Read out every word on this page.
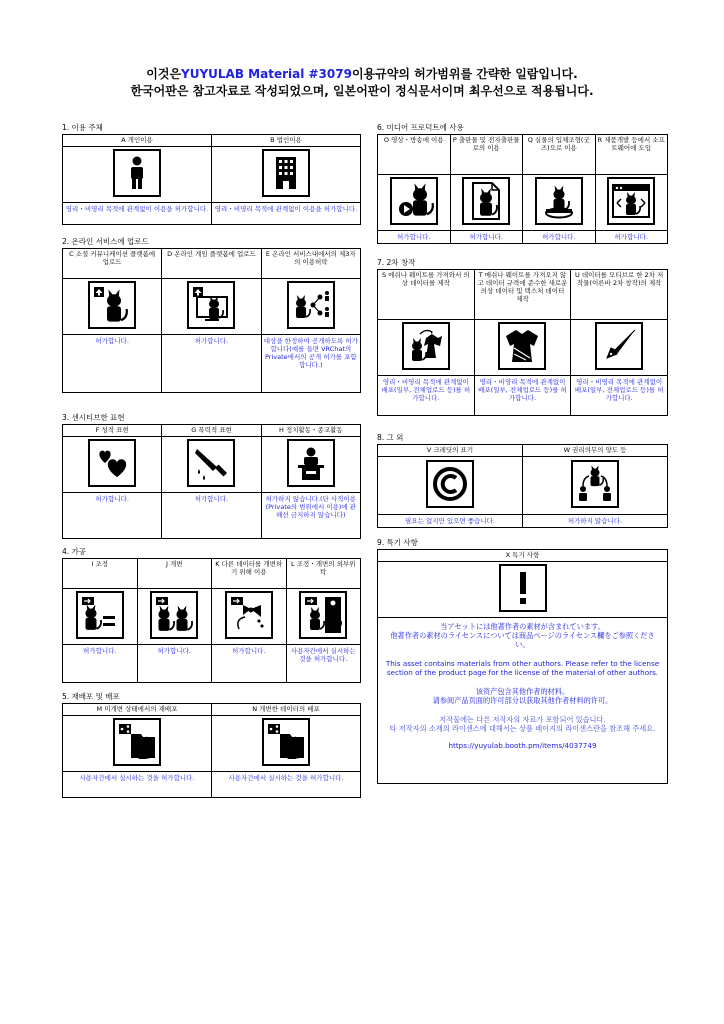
이것은YUYULAB Material #3079이용규약의 허가범위를 간략한 일람입니다.
한국어판은 참고자료로 작성되었으며, 일본어판이 정식문서이며 최우선으로 적용됩니다.
1. 이용 주체
A 개인이용	B 법인이용

영리・비영리 목적에 관계없이 이용을 허가합니다.	영리・비영리 목적에 관계없이 이용을 허가합니다.
2. 온라인 서비스에 업로드
C 소셜 커뮤니케이션 플랫폼에 업로드	D 온라인 게임 플랫폼에 업로드	E 온라인 서비스내에서의 제3자의 이용허락

허가합니다.	허가합니다.	대상을 한정하여 공개하도록 허가합니다(예를 들면 VRChat의 Private에서의 공개 허가를 포함합니다.)
3. 센시티브한 표현
F 성적 표현	G 폭력적 표현	H 정치활동・종교활동

허가합니다.	허가합니다.	허가하지 않습니다.(단 사적이용(Private의 범위에서 이용)에 관해선 금지하지 않습니다)
4. 가공
I 조정	J 개변	K 다른 데이터를 개변하기 위해 이용	L 조정・개변의 외부위탁

허가합니다.	허가합니다.	허가합니다.	사용자간에서 실시하는 것을 허가합니다.
5. 재배포 및 배포
M 미개변 상태에서의 재배포	N 개변한 데이터의 배포

사용자간에서 실시하는 것을 허가합니다.	사용자간에서 실시하는 것을 허가합니다.
6. 미디어 프로덕트에 사용
O 영상・방송에 이용	P 출판물 및 전자출판물로의 이용	Q 실물의 입체조형(굿즈)으로 이용	R 제품개발 등에서 소프트웨어에 도입

허가합니다.	허가합니다.	허가합니다.	허가합니다.
7. 2차 창작
S 메쉬나 웨이트를 가져와서 의상 데이터를 제작	T 메쉬나 웨이트를 가져오지 않고 데이터 규격에 준수한 새로운 의상 데이터 및 텍스처 데이터 제작	U 데이터를 모티브로 한 2차 저작물(이른바 2차 창작)의 제작

영리・비영리 목적에 관계없이 배포(일부, 전체업로드 등)를 허가합니다.	영리・비영리 목적에 관계없이 배포(일부, 전체업로드 등)를 허가합니다.	영리・비영리 목적에 관계없이 배포(일부, 전체업로드 등)를 허가합니다.
8. 그 외
V 크레딧의 표기	W 권리의무의 양도 등

필요는 없지만 있으면 좋습니다.	허가하지 않습니다.
9. 특기 사항
X 특기 사항

当アセットには他著作者の素材が含まれています。
他著作者の素材のライセンスについては商品ページのライセンス欄をご参照ください。

This asset contains materials from other authors. Please refer to the license section of the product page for the license of the material of other authors.

该资产包含其他作者的材料。
请参阅产品页面的许可部分以获取其他作者材料的许可。

저작물에는 다른 저작자의 자료가 포함되어 있습니다.
타 저작자의 소재의 라이센스에 대해서는 상품 페이지의 라이센스란을 참조해 주세요.

https://yuyulab.booth.pm/items/4037749
